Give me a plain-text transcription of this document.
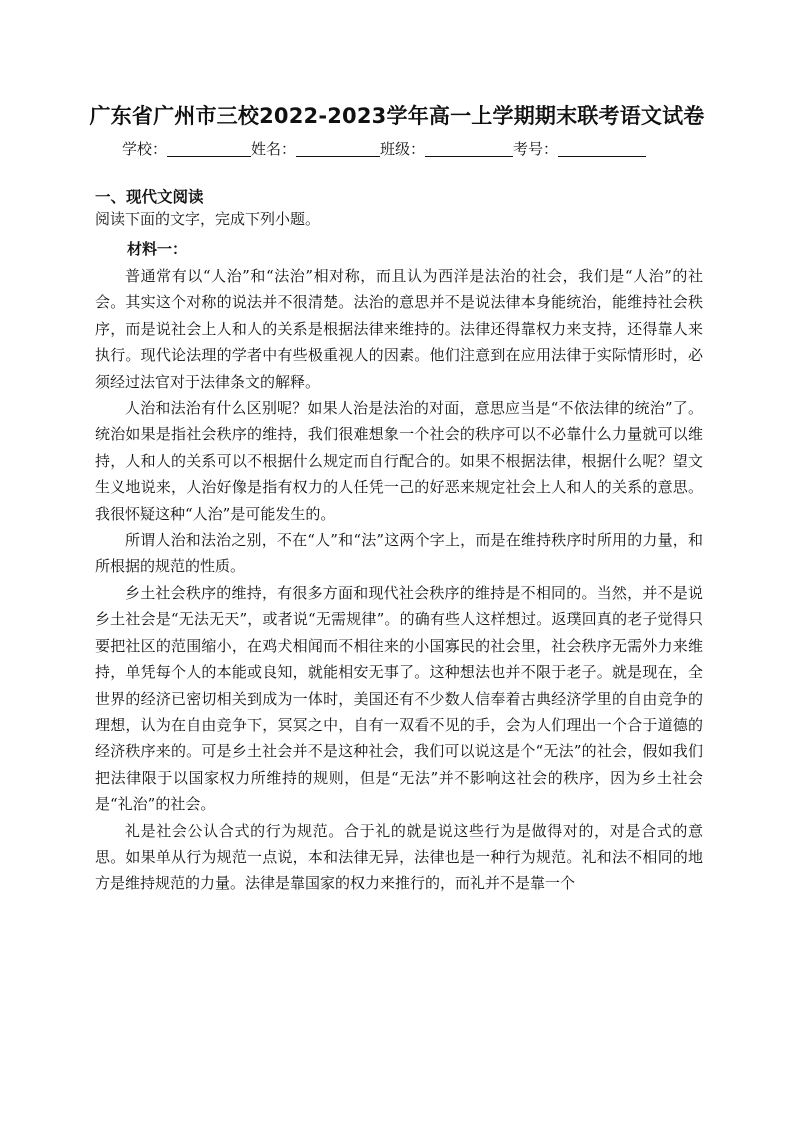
广东省广州市三校2022-2023学年高一上学期期末联考语文试卷
学校：	姓名：	班级：	考号：
一、现代文阅读
阅读下面的文字，完成下列小题。
材料一：

普通常有以“人治”和“法治”相对称，而且认为西洋是法治的社会，我们是“人治”的社会。其实这个对称的说法并不很清楚。法治的意思并不是说法律本身能统治，能维持社会秩序，而是说社会上人和人的关系是根据法律来维持的。法律还得靠权力来支持，还得靠人来执行。现代论法理的学者中有些极重视人的因素。他们注意到在应用法律于实际情形时，必须经过法官对于法律条文的解释。

人治和法治有什么区别呢？如果人治是法治的对面，意思应当是“不依法律的统治”了。统治如果是指社会秩序的维持，我们很难想象一个社会的秩序可以不必靠什么力量就可以维持，人和人的关系可以不根据什么规定而自行配合的。如果不根据法律，根据什么呢？望文生义地说来，人治好像是指有权力的人任凭一己的好恶来规定社会上人和人的关系的意思。我很怀疑这种“人治”是可能发生的。

所谓人治和法治之别，不在“人”和“法”这两个字上，而是在维持秩序时所用的力量，和所根据的规范的性质。

乡土社会秩序的维持，有很多方面和现代社会秩序的维持是不相同的。当然，并不是说乡土社会是“无法无天”，或者说“无需规律”。的确有些人这样想过。返璞回真的老子觉得只要把社区的范围缩小，在鸡犬相闻而不相往来的小国寡民的社会里，社会秩序无需外力来维持，单凭每个人的本能或良知，就能相安无事了。这种想法也并不限于老子。就是现在，全世界的经济已密切相关到成为一体时，美国还有不少数人信奉着古典经济学里的自由竞争的理想，认为在自由竞争下，冥冥之中，自有一双看不见的手，会为人们理出一个合于道德的经济秩序来的。可是乡土社会并不是这种社会，我们可以说这是个“无法”的社会，假如我们把法律限于以国家权力所维持的规则，但是“无法”并不影响这社会的秩序，因为乡土社会是“礼治”的社会。

礼是社会公认合式的行为规范。合于礼的就是说这些行为是做得对的，对是合式的意思。如果单从行为规范一点说，本和法律无异，法律也是一种行为规范。礼和法不相同的地方是维持规范的力量。法律是靠国家的权力来推行的，而礼并不是靠一个
